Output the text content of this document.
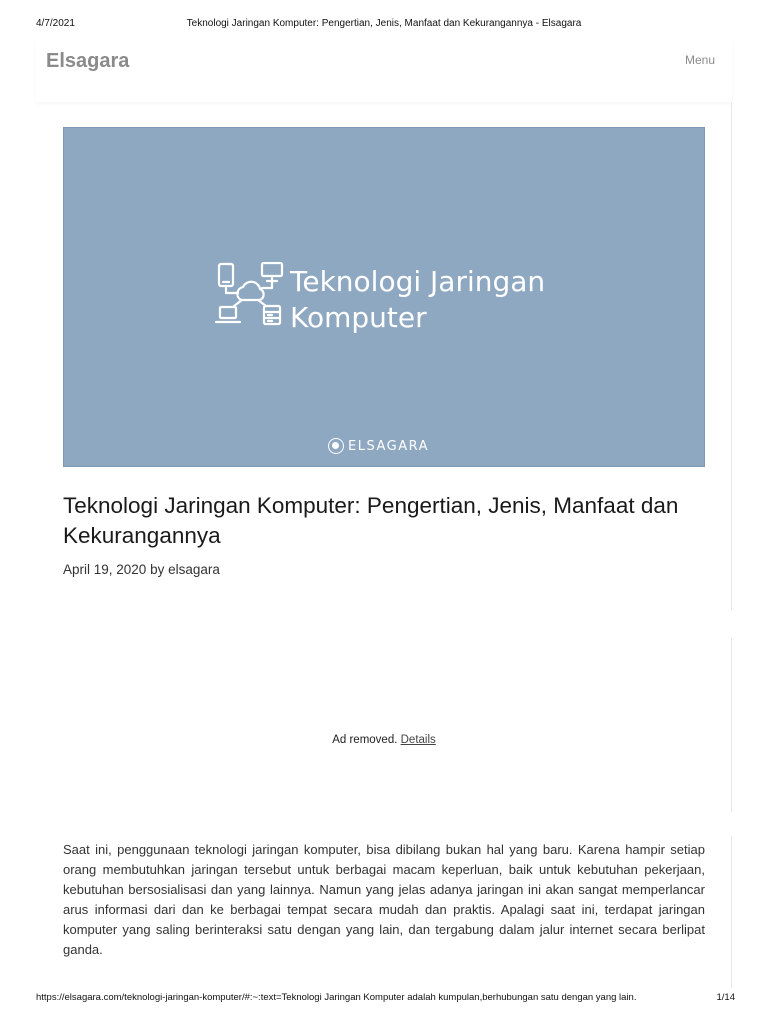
4/7/2021	Teknologi Jaringan Komputer: Pengertian, Jenis, Manfaat dan Kekurangannya - Elsagara
Elsagara	Menu
Teknologi Jaringan
Komputer
ELSAGARA
Teknologi Jaringan Komputer: Pengertian, Jenis, Manfaat dan Kekurangannya
April 19, 2020 by elsagara
Ad removed. Details

Saat ini, penggunaan teknologi jaringan komputer, bisa dibilang bukan hal yang baru. Karena hampir setiap orang membutuhkan jaringan tersebut untuk berbagai macam keperluan, baik untuk kebutuhan pekerjaan, kebutuhan bersosialisasi dan yang lainnya. Namun yang jelas adanya jaringan ini akan sangat memperlancar arus informasi dari dan ke berbagai tempat secara mudah dan praktis. Apalagi saat ini, terdapat jaringan komputer yang saling berinteraksi satu dengan yang lain, dan tergabung dalam jalur internet secara berlipat ganda.

https://elsagara.com/teknologi-jaringan-komputer/#:~:text=Teknologi Jaringan Komputer adalah kumpulan,berhubungan satu dengan yang lain.	1/14
